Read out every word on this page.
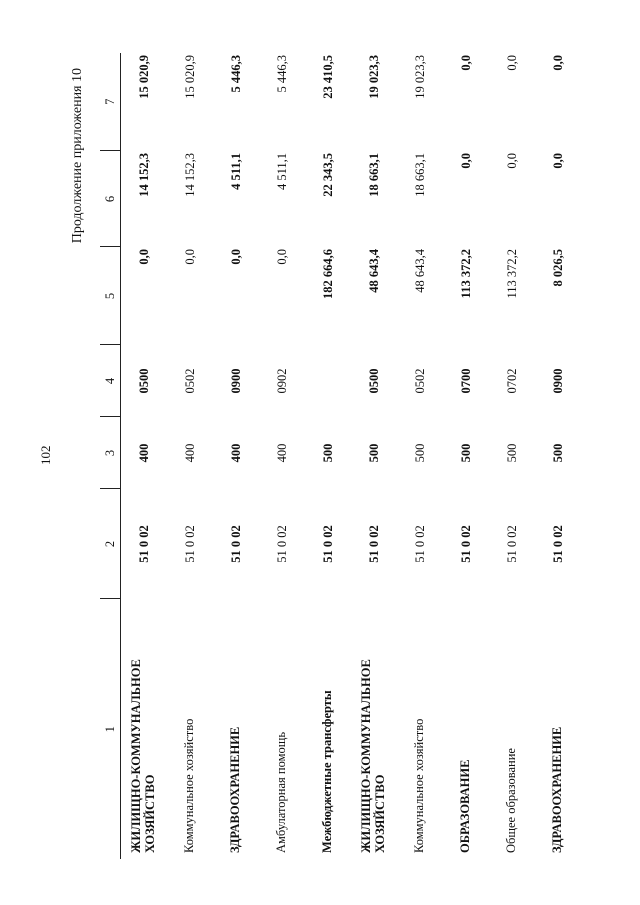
102
Продолжение приложения 10
1	2	3	4	5	6	7
ЖИЛИЩНО-КОММУНАЛЬНОЕ ХОЗЯЙСТВО	51 0 02	400	0500	0,0	14 152,3	15 020,9
Коммунальное хозяйство	51 0 02	400	0502	0,0	14 152,3	15 020,9
ЗДРАВООХРАНЕНИЕ	51 0 02	400	0900	0,0	4 511,1	5 446,3
Амбулаторная помощь	51 0 02	400	0902	0,0	4 511,1	5 446,3
Межбюджетные трансферты	51 0 02	500		182 664,6	22 343,5	23 410,5
ЖИЛИЩНО-КОММУНАЛЬНОЕ ХОЗЯЙСТВО	51 0 02	500	0500	48 643,4	18 663,1	19 023,3
Коммунальное хозяйство	51 0 02	500	0502	48 643,4	18 663,1	19 023,3
ОБРАЗОВАНИЕ	51 0 02	500	0700	113 372,2	0,0	0,0
Общее образование	51 0 02	500	0702	113 372,2	0,0	0,0
ЗДРАВООХРАНЕНИЕ	51 0 02	500	0900	8 026,5	0,0	0,0
